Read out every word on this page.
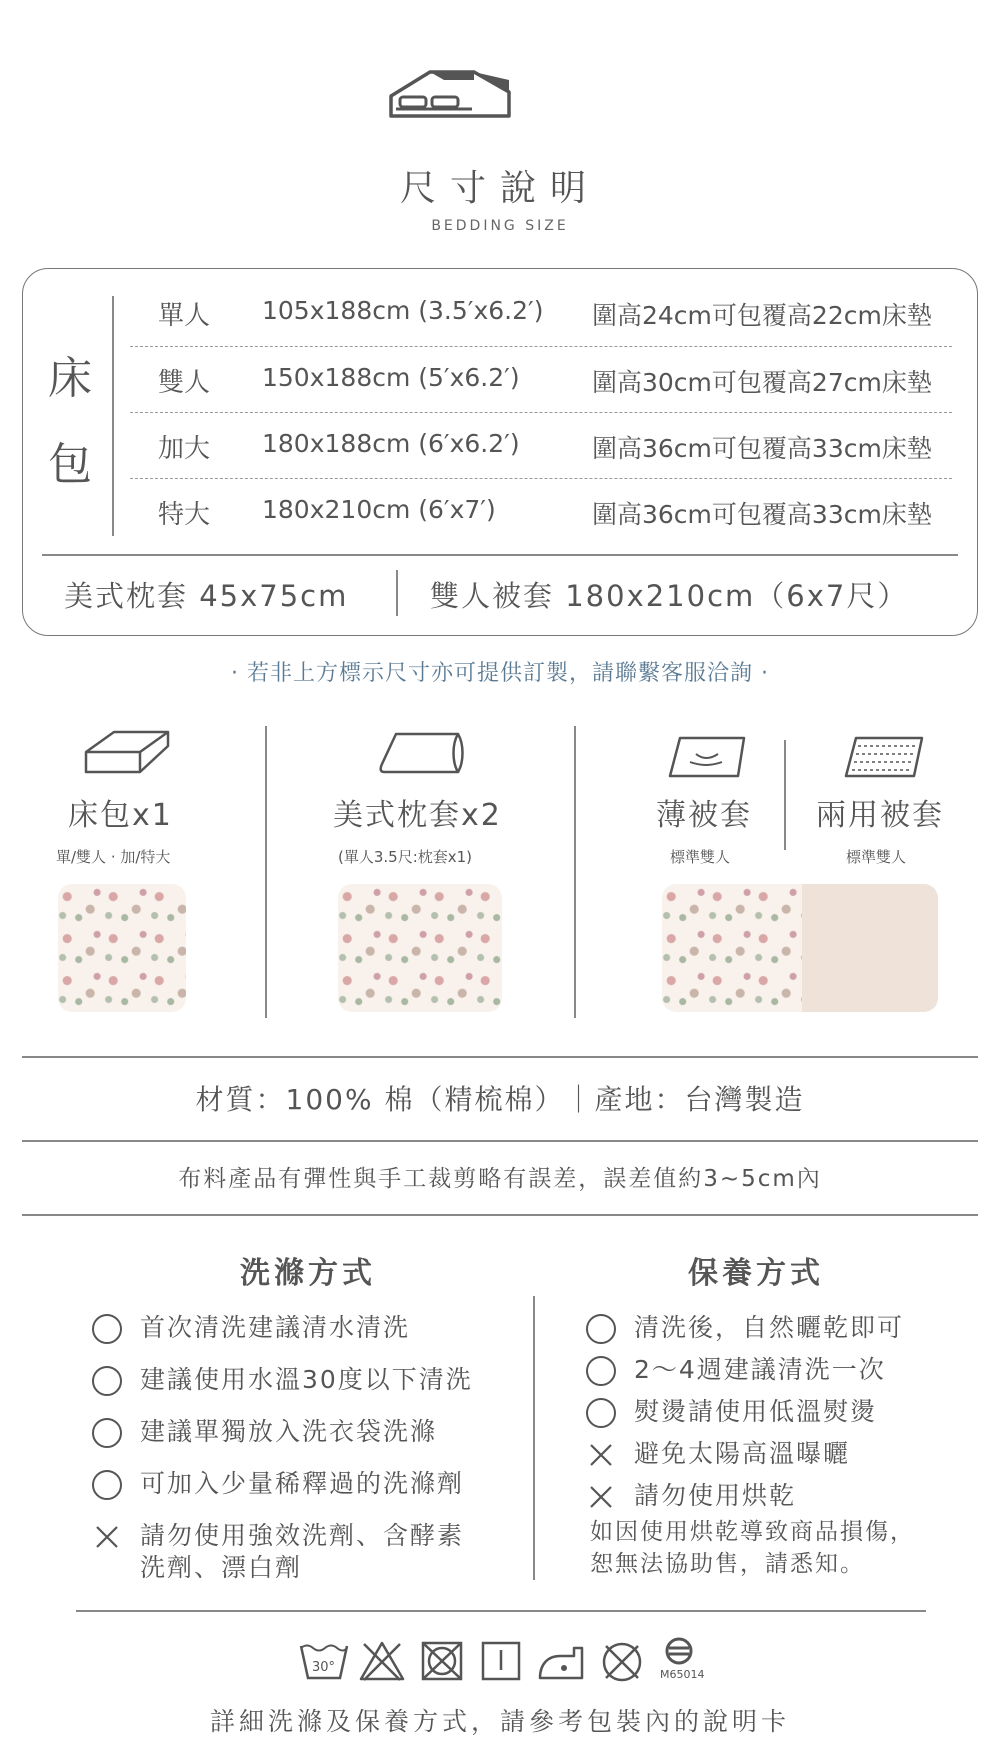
尺寸說明
BEDDING SIZE
床
包
單人 105x188cm (3.5′x6.2′) 圍高24cm可包覆高22cm床墊
雙人 150x188cm (5′x6.2′)	圍高30cm可包覆高27cm床墊
加大 180x188cm (6′x6.2′)	圍高36cm可包覆高33cm床墊
特大 180x210cm (6′x7′)	圍高36cm可包覆高33cm床墊
美式枕套 45x75cm	雙人被套 180x210cm（6x7尺）
· 若非上方標示尺寸亦可提供訂製，請聯繫客服洽詢 ·
床包x1
單/雙人 · 加/特大
美式枕套x2
(單人3.5尺:枕套x1)
薄被套
標準雙人
兩用被套
標準雙人
材質：100% 棉（精梳棉）｜產地：台灣製造
布料產品有彈性與手工裁剪略有誤差，誤差值約3~5cm內
洗滌方式
首次清洗建議清水清洗
建議使用水溫30度以下清洗
建議單獨放入洗衣袋洗滌
可加入少量稀釋過的洗滌劑
請勿使用強效洗劑、含酵素
洗劑、漂白劑
保養方式
清洗後，自然曬乾即可
2～4週建議清洗一次
熨燙請使用低溫熨燙
避免太陽高溫曝曬
請勿使用烘乾
如因使用烘乾導致商品損傷，
恕無法協助售，請悉知。
30°	M65014
詳細洗滌及保養方式，請參考包裝內的說明卡
